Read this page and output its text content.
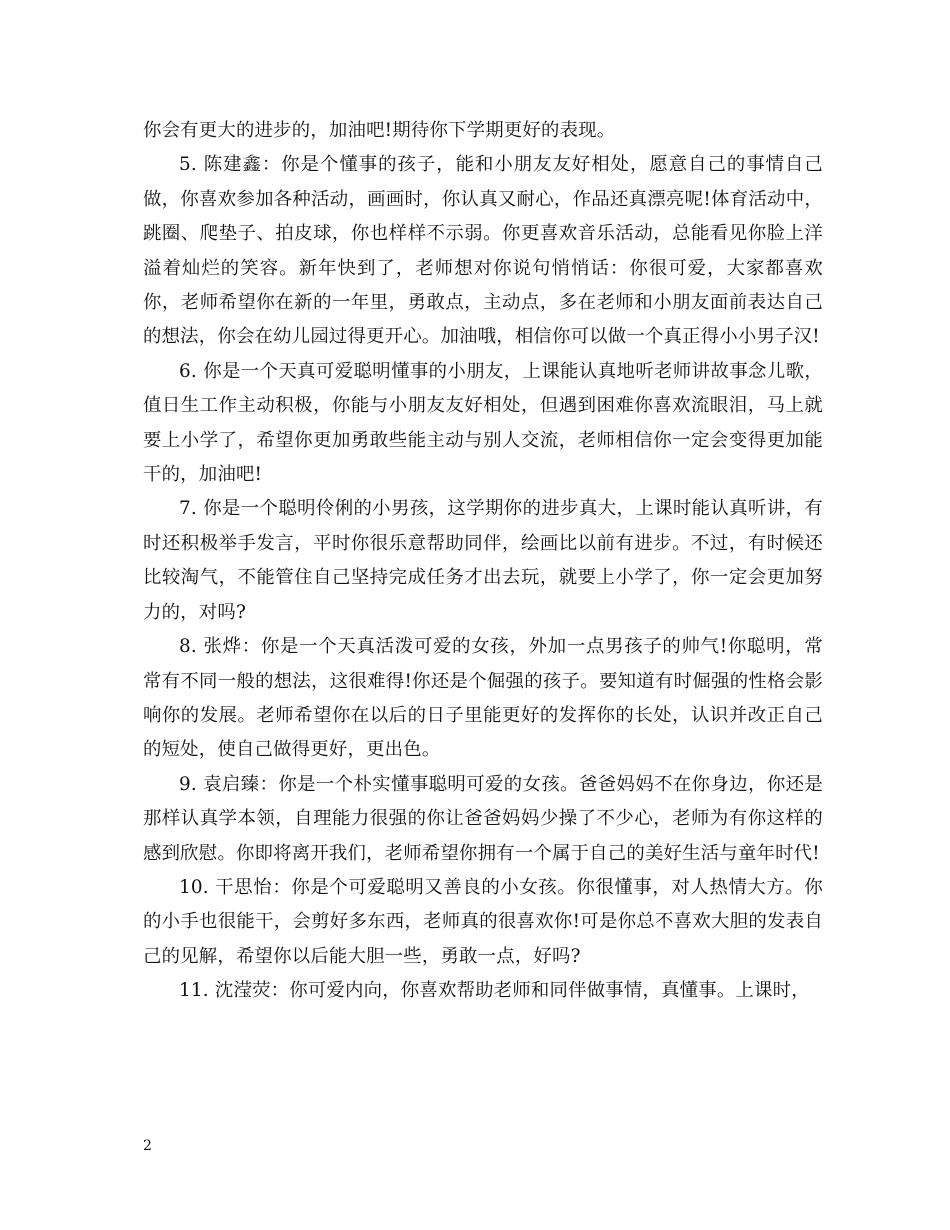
你会有更大的进步的，加油吧!期待你下学期更好的表现。

5. 陈建鑫：你是个懂事的孩子，能和小朋友友好相处，愿意自己的事情自己做，你喜欢参加各种活动，画画时，你认真又耐心，作品还真漂亮呢!体育活动中，跳圈、爬垫子、拍皮球，你也样样不示弱。你更喜欢音乐活动，总能看见你脸上洋溢着灿烂的笑容。新年快到了，老师想对你说句悄悄话：你很可爱，大家都喜欢你，老师希望你在新的一年里，勇敢点，主动点，多在老师和小朋友面前表达自己的想法，你会在幼儿园过得更开心。加油哦，相信你可以做一个真正得小小男子汉!

6. 你是一个天真可爱聪明懂事的小朋友，上课能认真地听老师讲故事念儿歌，值日生工作主动积极，你能与小朋友友好相处，但遇到困难你喜欢流眼泪，马上就要上小学了，希望你更加勇敢些能主动与别人交流，老师相信你一定会变得更加能干的，加油吧!

7. 你是一个聪明伶俐的小男孩，这学期你的进步真大，上课时能认真听讲，有时还积极举手发言，平时你很乐意帮助同伴，绘画比以前有进步。不过，有时候还比较淘气，不能管住自己坚持完成任务才出去玩，就要上小学了，你一定会更加努力的，对吗?

8. 张烨：你是一个天真活泼可爱的女孩，外加一点男孩子的帅气!你聪明，常常有不同一般的想法，这很难得!你还是个倔强的孩子。要知道有时倔强的性格会影响你的发展。老师希望你在以后的日子里能更好的发挥你的长处，认识并改正自己的短处，使自己做得更好，更出色。

9. 袁启臻：你是一个朴实懂事聪明可爱的女孩。爸爸妈妈不在你身边，你还是那样认真学本领，自理能力很强的你让爸爸妈妈少操了不少心，老师为有你这样的感到欣慰。你即将离开我们，老师希望你拥有一个属于自己的美好生活与童年时代!

10. 干思怡：你是个可爱聪明又善良的小女孩。你很懂事，对人热情大方。你的小手也很能干，会剪好多东西，老师真的很喜欢你!可是你总不喜欢大胆的发表自己的见解，希望你以后能大胆一些，勇敢一点，好吗?

11. 沈滢荧：你可爱内向，你喜欢帮助老师和同伴做事情，真懂事。上课时，

2
